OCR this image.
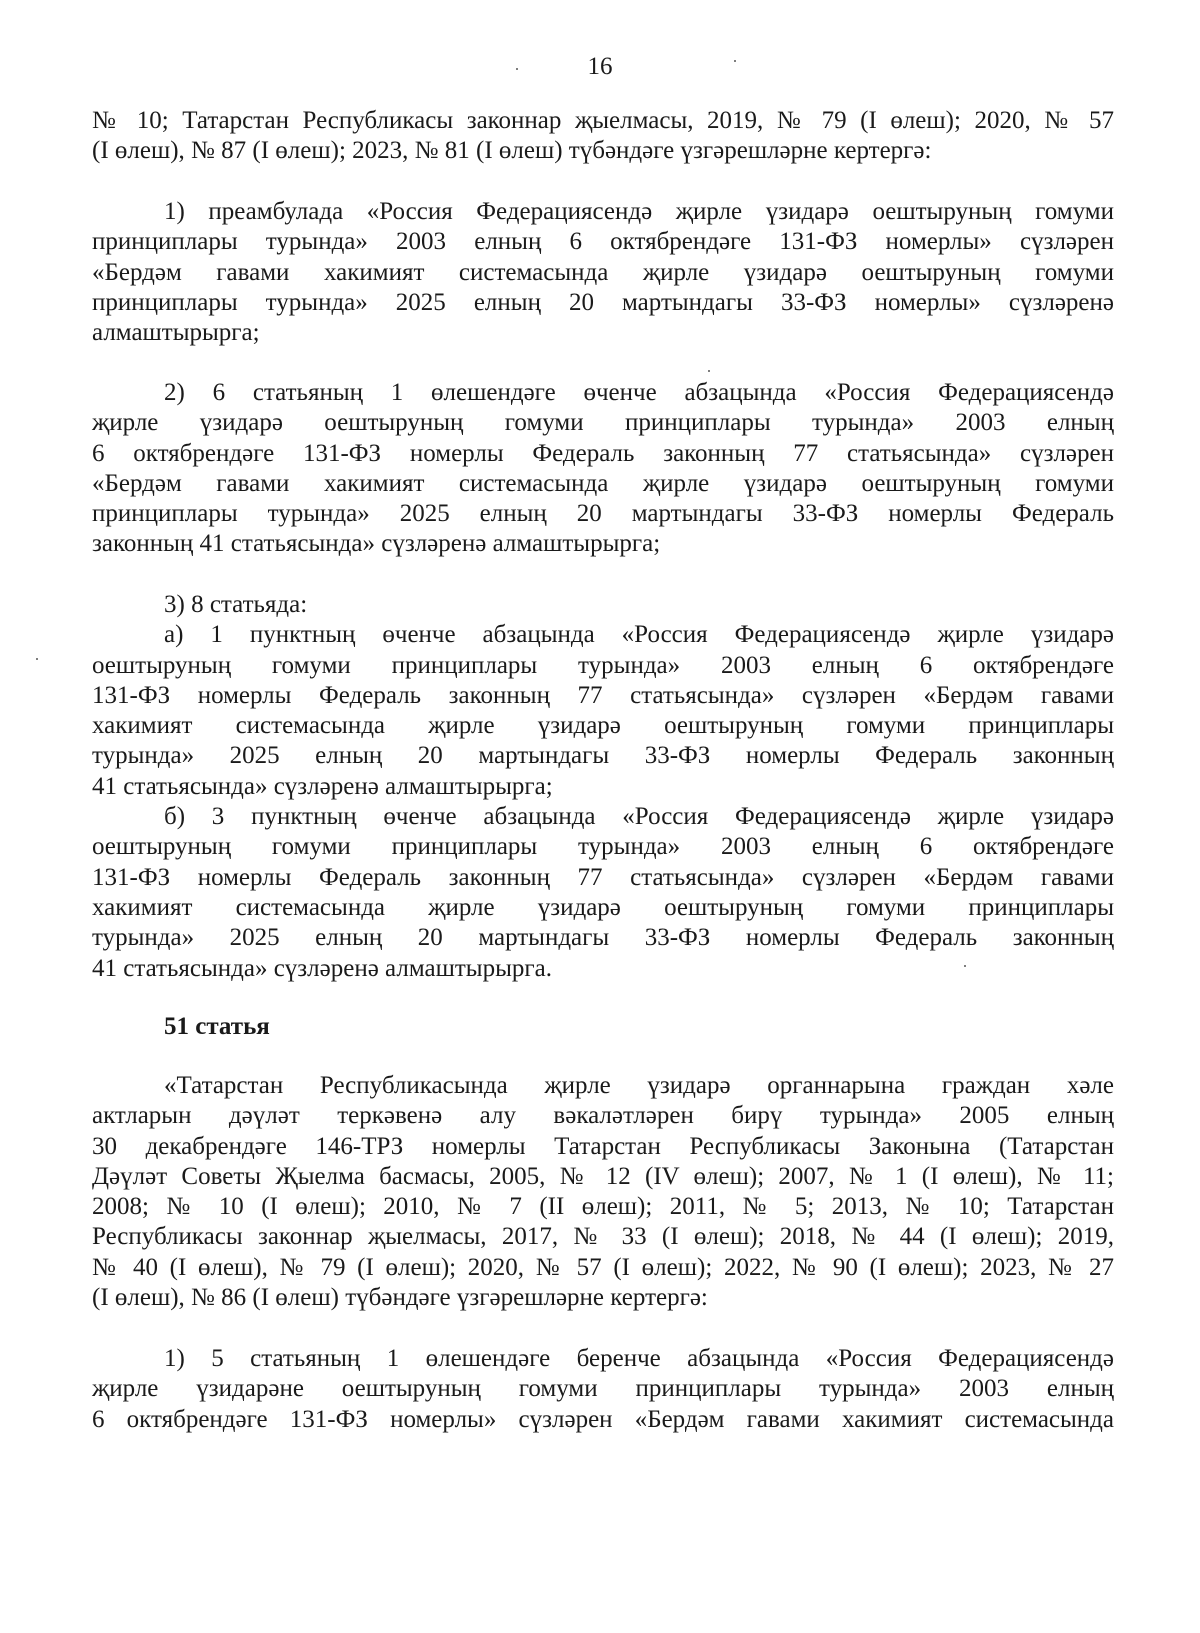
16
№ 10; Татарстан Республикасы законнар җыелмасы, 2019, № 79 (I өлеш); 2020, № 57
(I өлеш), № 87 (I өлеш); 2023, № 81 (I өлеш) түбәндәге үзгәрешләрне кертергә:
1) преамбулада «Россия Федерациясендә җирле үзидарә оештыруның гомуми
принциплары турында» 2003 елның 6 октябрендәге 131-ФЗ номерлы» сүзләрен
«Бердәм гавами хакимият системасында җирле үзидарә оештыруның гомуми
принциплары турында» 2025 елның 20 мартындагы 33-ФЗ номерлы» сүзләренә
алмаштырырга;
2) 6 статьяның 1 өлешендәге өченче абзацында «Россия Федерациясендә
җирле үзидарә оештыруның гомуми принциплары турында» 2003 елның
6 октябрендәге 131-ФЗ номерлы Федераль законның 77 статьясында» сүзләрен
«Бердәм гавами хакимият системасында җирле үзидарә оештыруның гомуми
принциплары турында» 2025 елның 20 мартындагы 33-ФЗ номерлы Федераль
законның 41 статьясында» сүзләренә алмаштырырга;
3) 8 статьяда:
а) 1 пунктның өченче абзацында «Россия Федерациясендә җирле үзидарә
оештыруның гомуми принциплары турында» 2003 елның 6 октябрендәге
131-ФЗ номерлы Федераль законның 77 статьясында» сүзләрен «Бердәм гавами
хакимият системасында җирле үзидарә оештыруның гомуми принциплары
турында» 2025 елның 20 мартындагы 33-ФЗ номерлы Федераль законның
41 статьясында» сүзләренә алмаштырырга;
б) 3 пунктның өченче абзацында «Россия Федерациясендә җирле үзидарә
оештыруның гомуми принциплары турында» 2003 елның 6 октябрендәге
131-ФЗ номерлы Федераль законның 77 статьясында» сүзләрен «Бердәм гавами
хакимият системасында җирле үзидарә оештыруның гомуми принциплары
турында» 2025 елның 20 мартындагы 33-ФЗ номерлы Федераль законның
41 статьясында» сүзләренә алмаштырырга.
51 статья
«Татарстан Республикасында җирле үзидарә органнарына граждан хәле
актларын дәүләт теркәвенә алу вәкаләтләрен бирү турында» 2005 елның
30 декабрендәге 146-ТРЗ номерлы Татарстан Республикасы Законына (Татарстан
Дәүләт Советы Җыелма басмасы, 2005, № 12 (IV өлеш); 2007, № 1 (I өлеш), № 11;
2008; № 10 (I өлеш); 2010, № 7 (II өлеш); 2011, № 5; 2013, № 10; Татарстан
Республикасы законнар җыелмасы, 2017, № 33 (I өлеш); 2018, № 44 (I өлеш); 2019,
№ 40 (I өлеш), № 79 (I өлеш); 2020, № 57 (I өлеш); 2022, № 90 (I өлеш); 2023, № 27
(I өлеш), № 86 (I өлеш) түбәндәге үзгәрешләрне кертергә:
1) 5 статьяның 1 өлешендәге беренче абзацында «Россия Федерациясендә
җирле үзидарәне оештыруның гомуми принциплары турында» 2003 елның
6 октябрендәге 131-ФЗ номерлы» сүзләрен «Бердәм гавами хакимият системасында
